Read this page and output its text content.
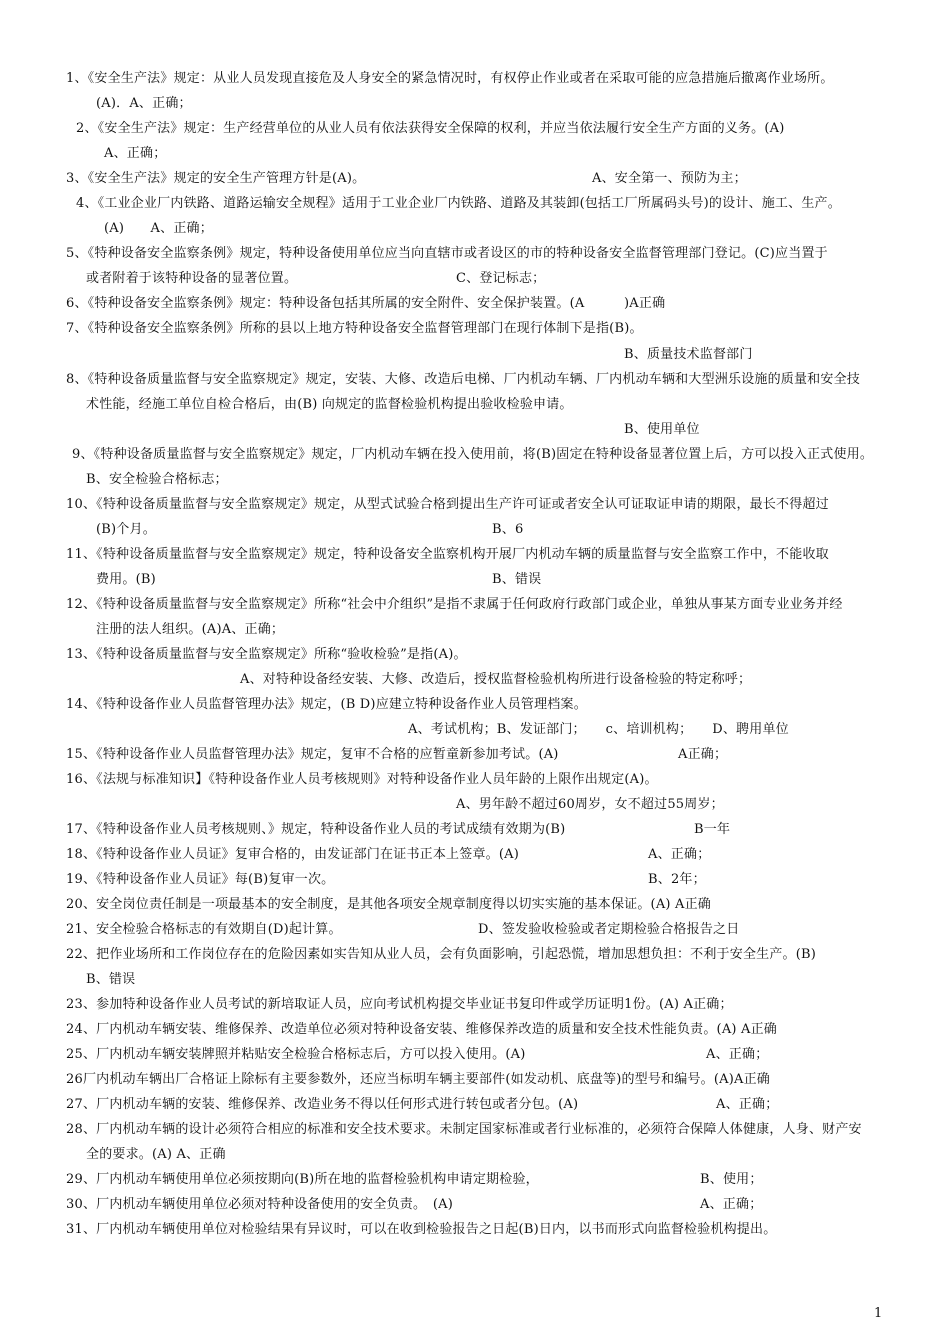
1、《安全生产法》规定：从业人员发现直接危及人身安全的紧急情况时，有权停止作业或者在采取可能的应急措施后撤离作业场所。
(A)．A、正确；
2、《安全生产法》规定：生产经营单位的从业人员有依法获得安全保障的权利，并应当依法履行安全生产方面的义务。(A)
A、正确；
3、《安全生产法》规定的安全生产管理方针是(A)。	A、安全第一、预防为主；
4、《工业企业厂内铁路、道路运输安全规程》适用于工业企业厂内铁路、道路及其装卸(包括工厂所属码头号)的设计、施工、生产。
(A)　　A、正确；
5、《特种设备安全监察条例》规定，特种设备使用单位应当向直辖市或者设区的市的特种设备安全监督管理部门登记。(C)应当置于
或者附着于该特种设备的显著位置。	C、登记标志；
6、《特种设备安全监察条例》规定：特种设备包括其所属的安全附件、安全保护装置。(A　　　)A正确
7、《特种设备安全监察条例》所称的县以上地方特种设备安全监督管理部门在现行体制下是指(B)。
B、质量技术监督部门
8、《特种设备质量监督与安全监察规定》规定，安装、大修、改造后电梯、厂内机动车辆、厂内机动车辆和大型洲乐设施的质量和安全技
术性能，经施工单位自检合格后，由(B) 向规定的监督检验机构提出验收检验申请。
B、使用单位
9、《特种设备质量监督与安全监察规定》规定，厂内机动车辆在投入使用前，将(B)固定在特种设备显著位置上后，方可以投入正式使用。
B、安全检验合格标志；
10、《特种设备质量监督与安全监察规定》规定，从型式试验合格到提出生产许可证或者安全认可证取证申请的期限，最长不得超过
(B)个月。	B、6
11、《特种设备质量监督与安全监察规定》规定，特种设备安全监察机构开展厂内机动车辆的质量监督与安全监察工作中，不能收取
费用。(B)	B、错误
12、《特种设备质量监督与安全监察规定》所称“社会中介组织”是指不隶属于任何政府行政部门或企业，单独从事某方面专业业务并经
注册的法人组织。(A)A、正确；
13、《特种设备质量监督与安全监察规定》所称“验收检验”是指(A)。
A、对特种设备经安装、大修、改造后，授权监督检验机构所进行设备检验的特定称呼；
14、《特种设备作业人员监督管理办法》规定，(B D)应建立特种设备作业人员管理档案。
A、考试机构；B、发证部门；　　c、培训机构；　　D、聘用单位
15、《特种设备作业人员监督管理办法》规定，复审不合格的应暂童新参加考试。(A)	A正确；
16、《法规与标准知识】《特种设备作业人员考核规则》对特种设备作业人员年龄的上限作出规定(A)。
A、男年龄不超过60周岁，女不超过55周岁；
17、《特种设备作业人员考核规则、》规定，特种设备作业人员的考试成绩有效期为(B)	B一年
18、《特种设备作业人员证》复审合格的，由发证部门在证书正本上签章。(A)	A、正确；
19、《特种设备作业人员证》每(B)复审一次。	B、2年；
20、安全岗位责任制是一项最基本的安全制度，是其他各项安全规章制度得以切实实施的基本保证。(A) A正确
21、安全检验合格标志的有效期自(D)起计算。	D、签发验收检验或者定期检验合格报告之日
22、把作业场所和工作岗位存在的危险因素如实告知从业人员，会有负面影响，引起恐慌，增加思想负担：不利于安全生产。(B)
B、错误
23、参加特种设备作业人员考试的新培取证人员，应向考试机构提交毕业证书复印件或学历证明1份。(A) A正确；
24、厂内机动车辆安装、维修保养、改造单位必须对特种设备安装、维修保养改造的质量和安全技术性能负责。(A) A正确
25、厂内机动车辆安装牌照并粘贴安全检验合格标志后，方可以投入使用。(A)	A、正确；
26厂内机动车辆出厂合格证上除标有主要参数外，还应当标明车辆主要部件(如发动机、底盘等)的型号和编号。(A)A正确
27、厂内机动车辆的安装、维修保养、改造业务不得以任何形式进行转包或者分包。(A)	A、正确；
28、厂内机动车辆的设计必须符合相应的标准和安全技术要求。未制定国家标准或者行业标准的，必须符合保障人体健康，人身、财产安
全的要求。(A) A、正确
29、厂内机动车辆使用单位必须按期向(B)所在地的监督检验机构申请定期检验，	B、使用；
30、厂内机动车辆使用单位必须对特种设备使用的安全负责。　(A)	A、正确；
31、厂内机动车辆使用单位对检验结果有异议时，可以在收到检验报告之日起(B)日内，以书而形式向监督检验机构提出。
1
